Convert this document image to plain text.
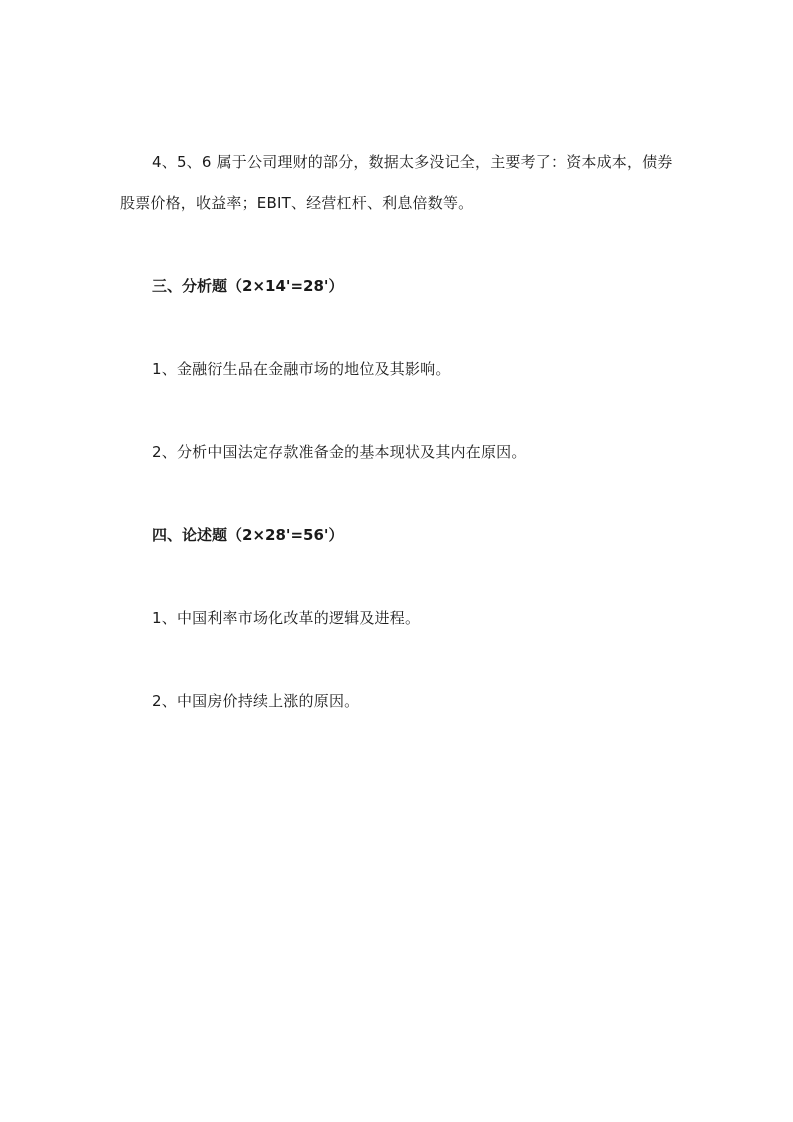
4、5、6 属于公司理财的部分，数据太多没记全，主要考了：资本成本，债券股票价格，收益率；EBIT、经营杠杆、利息倍数等。

三、分析题（2×14'=28'）

1、金融衍生品在金融市场的地位及其影响。

2、分析中国法定存款准备金的基本现状及其内在原因。

四、论述题（2×28'=56'）

1、中国利率市场化改革的逻辑及进程。

2、中国房价持续上涨的原因。
